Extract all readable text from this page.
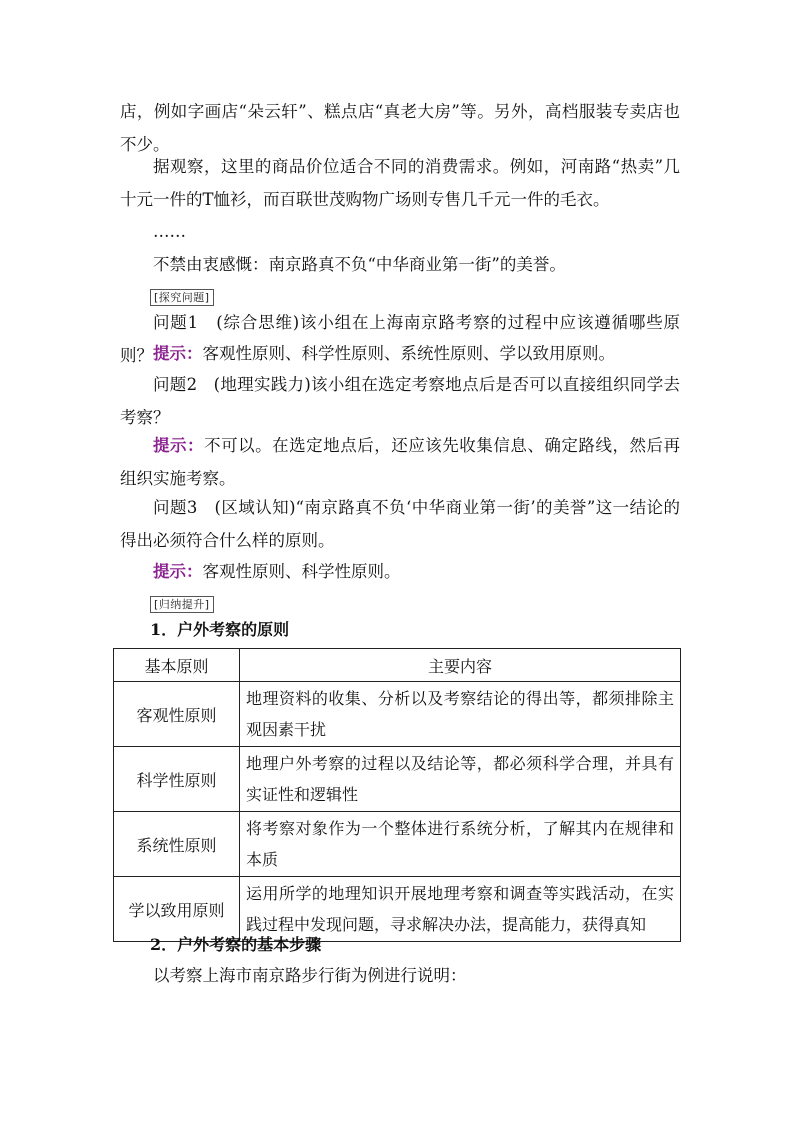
店，例如字画店“朵云轩”、糕点店“真老大房”等。另外，高档服装专卖店也不少。

据观察，这里的商品价位适合不同的消费需求。例如，河南路“热卖”几十元一件的T恤衫，而百联世茂购物广场则专售几千元一件的毛衣。

……

不禁由衷感慨：南京路真不负“中华商业第一街”的美誉。

[探究问题]

问题1 (综合思维)该小组在上海南京路考察的过程中应该遵循哪些原则？ 提示：客观性原则、科学性原则、系统性原则、学以致用原则。

问题2 (地理实践力)该小组在选定考察地点后是否可以直接组织同学去考察？

提示：不可以。在选定地点后，还应该先收集信息、确定路线，然后再组织实施考察。

问题3 (区域认知)“南京路真不负‘中华商业第一街’的美誉”这一结论的得出必须符合什么样的原则。

提示：客观性原则、科学性原则。

[归纳提升]

1．户外考察的原则

基本原则	主要内容
客观性原则	地理资料的收集、分析以及考察结论的得出等，都须排除主观因素干扰
科学性原则	地理户外考察的过程以及结论等，都必须科学合理，并具有实证性和逻辑性
系统性原则	将考察对象作为一个整体进行系统分析，了解其内在规律和本质
学以致用原则	运用所学的地理知识开展地理考察和调查等实践活动，在实践过程中发现问题，寻求解决办法，提高能力，获得真知

2．户外考察的基本步骤

以考察上海市南京路步行街为例进行说明：
